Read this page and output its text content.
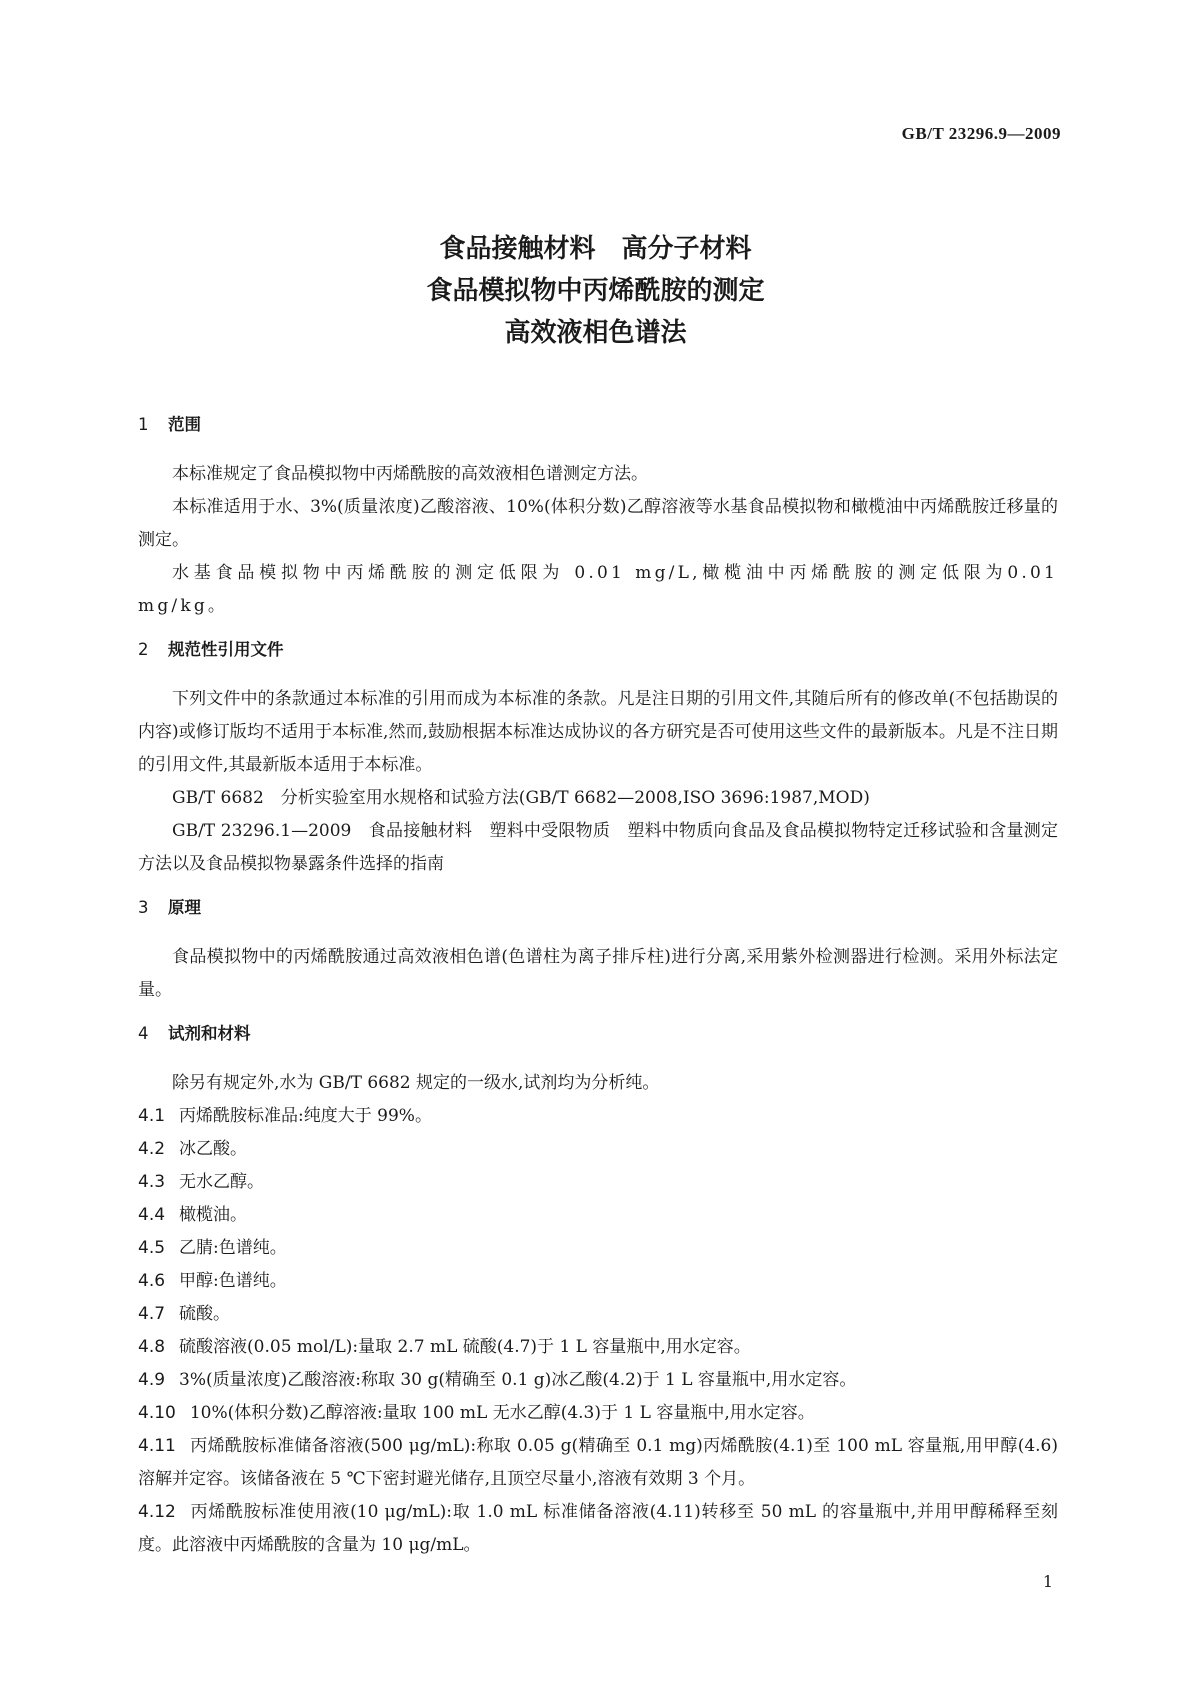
GB/T 23296.9—2009
食品接触材料　高分子材料
食品模拟物中丙烯酰胺的测定
高效液相色谱法
1 范围
本标准规定了食品模拟物中丙烯酰胺的高效液相色谱测定方法。
本标准适用于水、3%(质量浓度)乙酸溶液、10%(体积分数)乙醇溶液等水基食品模拟物和橄榄油中丙烯酰胺迁移量的测定。
水基食品模拟物中丙烯酰胺的测定低限为 0.01 mg/L,橄榄油中丙烯酰胺的测定低限为0.01 mg/kg。
2 规范性引用文件
下列文件中的条款通过本标准的引用而成为本标准的条款。凡是注日期的引用文件,其随后所有的修改单(不包括勘误的内容)或修订版均不适用于本标准,然而,鼓励根据本标准达成协议的各方研究是否可使用这些文件的最新版本。凡是不注日期的引用文件,其最新版本适用于本标准。
GB/T 6682　分析实验室用水规格和试验方法(GB/T 6682—2008,ISO 3696:1987,MOD)
GB/T 23296.1—2009　食品接触材料　塑料中受限物质　塑料中物质向食品及食品模拟物特定迁移试验和含量测定方法以及食品模拟物暴露条件选择的指南
3 原理
食品模拟物中的丙烯酰胺通过高效液相色谱(色谱柱为离子排斥柱)进行分离,采用紫外检测器进行检测。采用外标法定量。
4 试剂和材料
除另有规定外,水为 GB/T 6682 规定的一级水,试剂均为分析纯。
4.1 丙烯酰胺标准品:纯度大于 99%。
4.2 冰乙酸。
4.3 无水乙醇。
4.4 橄榄油。
4.5 乙腈:色谱纯。
4.6 甲醇:色谱纯。
4.7 硫酸。
4.8 硫酸溶液(0.05 mol/L):量取 2.7 mL 硫酸(4.7)于 1 L 容量瓶中,用水定容。
4.9 3%(质量浓度)乙酸溶液:称取 30 g(精确至 0.1 g)冰乙酸(4.2)于 1 L 容量瓶中,用水定容。
4.10 10%(体积分数)乙醇溶液:量取 100 mL 无水乙醇(4.3)于 1 L 容量瓶中,用水定容。
4.11 丙烯酰胺标准储备溶液(500 μg/mL):称取 0.05 g(精确至 0.1 mg)丙烯酰胺(4.1)至 100 mL 容量瓶,用甲醇(4.6)溶解并定容。该储备液在 5 ℃下密封避光储存,且顶空尽量小,溶液有效期 3 个月。
4.12 丙烯酰胺标准使用液(10 μg/mL):取 1.0 mL 标准储备溶液(4.11)转移至 50 mL 的容量瓶中,并用甲醇稀释至刻度。此溶液中丙烯酰胺的含量为 10 μg/mL。
1
